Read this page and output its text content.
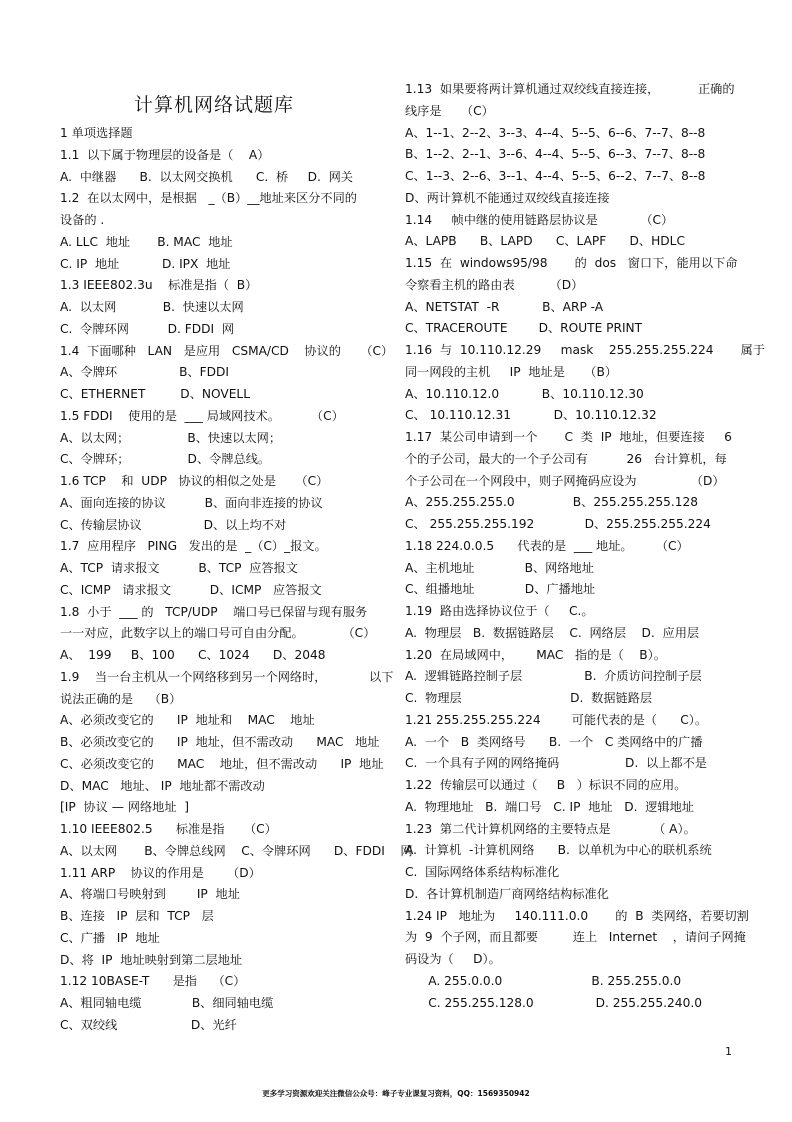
计算机网络试题库
1 单项选择题
1.1  以下属于物理层的设备是（    A）
A.  中继器      B.  以太网交换机      C.  桥     D.  网关
1.2  在以太网中，是根据   _（B）__地址来区分不同的
设备的 .
A. LLC  地址       B. MAC  地址
C. IP  地址           D. IPX  地址
1.3 IEEE802.3u    标准是指（  B）
A.  以太网            B.  快速以太网
C.  令牌环网          D. FDDI  网
1.4  下面哪种   LAN   是应用   CSMA/CD    协议的     （C）
A、令牌环                B、FDDI
C、ETHERNET         D、NOVELL
1.5 FDDI    使用的是  ___ 局域网技术。        （C）
A、以太网；               B、快速以太网；
C、令牌环；               D、令牌总线。
1.6 TCP    和  UDP   协议的相似之处是     （C）
A、面向连接的协议          B、面向非连接的协议
C、传输层协议                D、以上均不对
1.7  应用程序   PING   发出的是  _（C）_报文。
A、TCP  请求报文          B、TCP  应答报文
C、ICMP   请求报文          D、ICMP   应答报文
1.8  小于  ___ 的   TCP/UDP    端口号已保留与现有服务
一一对应，此数字以上的端口号可自由分配。          （C）
A、  199     B、100      C、1024      D、2048
1.9    当一台主机从一个网络移到另一个网络时，           以下
说法正确的是    （B）
A、必须改变它的      IP  地址和    MAC    地址
B、必须改变它的      IP  地址，但不需改动      MAC   地址
C、必须改变它的      MAC    地址，但不需改动      IP  地址
D、MAC   地址、 IP  地址都不需改动
[IP  协议 — 网络地址  ]
1.10 IEEE802.5      标准是指     （C）
A、以太网       B、令牌总线网    C、令牌环网      D、FDDI    网
1.11 ARP    协议的作用是      （D）
A、将端口号映射到        IP  地址
B、连接   IP  层和  TCP   层
C、广播   IP  地址
D、将  IP  地址映射到第二层地址
1.12 10BASE-T      是指    （C）
A、粗同轴电缆             B、细同轴电缆
C、双绞线                   D、光纤
1.13  如果要将两计算机通过双绞线直接连接，          正确的
线序是     （C）
A、1--1、2--2、3--3、4--4、5--5、6--6、7--7、8--8
B、1--2、2--1、3--6、4--4、5--5、6--3、7--7、8--8
C、1--3、2--6、3--1、4--4、5--5、6--2、7--7、8--8
D、两计算机不能通过双绞线直接连接
1.14     帧中继的使用链路层协议是           （C）
A、LAPB      B、LAPD      C、LAPF      D、HDLC
1.15  在  windows95/98       的  dos   窗口下，能用以下命
令察看主机的路由表         （D）
A、NETSTAT  -R           B、ARP -A
C、TRACEROUTE        D、ROUTE PRINT
1.16  与  10.110.12.29     mask    255.255.255.224       属于
同一网段的主机     IP  地址是     （B）
A、10.110.12.0           B、10.110.12.30
C、 10.110.12.31           D、10.110.12.32
1.17  某公司申请到一个       C  类  IP  地址，但要连接     6
个的子公司，最大的一个子公司有          26   台计算机，每
个子公司在一个网段中，则子网掩码应设为              （D）
A、255.255.255.0               B、255.255.255.128
C、 255.255.255.192             D、255.255.255.224
1.18 224.0.0.5      代表的是  ___ 地址。      （C）
A、主机地址             B、网络地址
C、组播地址             D、广播地址
1.19  路由选择协议位于（     C.。
A.  物理层   B.  数据链路层    C.  网络层    D.  应用层
1.20  在局域网中，      MAC   指的是（    B）。
A.  逻辑链路控制子层                B.  介质访问控制子层
C.  物理层                            D.  数据链路层
1.21 255.255.255.224        可能代表的是（      C）。
A.  一个   B  类网络号      B.  一个   C 类网络中的广播
C.  一个具有子网的网络掩码                 D.  以上都不是
1.22  传输层可以通过（     B   ）标识不同的应用。
A.  物理地址   B.  端口号   C. IP  地址   D.  逻辑地址
1.23  第二代计算机网络的主要特点是           （ A）。
A.  计算机  -计算机网络      B.  以单机为中心的联机系统
C.  国际网络体系结构标准化
D.  各计算机制造厂商网络结构标准化
1.24 IP   地址为     140.111.0.0       的  B  类网络，若要切割
为  9  个子网，而且都要         连上   Internet    ，请问子网掩
码设为（     D）。
A. 255.0.0.0                       B. 255.255.0.0
C. 255.255.128.0                D. 255.255.240.0
1
更多学习资源欢迎关注微信公众号：峰子专业课复习资料，QQ：1569350942
